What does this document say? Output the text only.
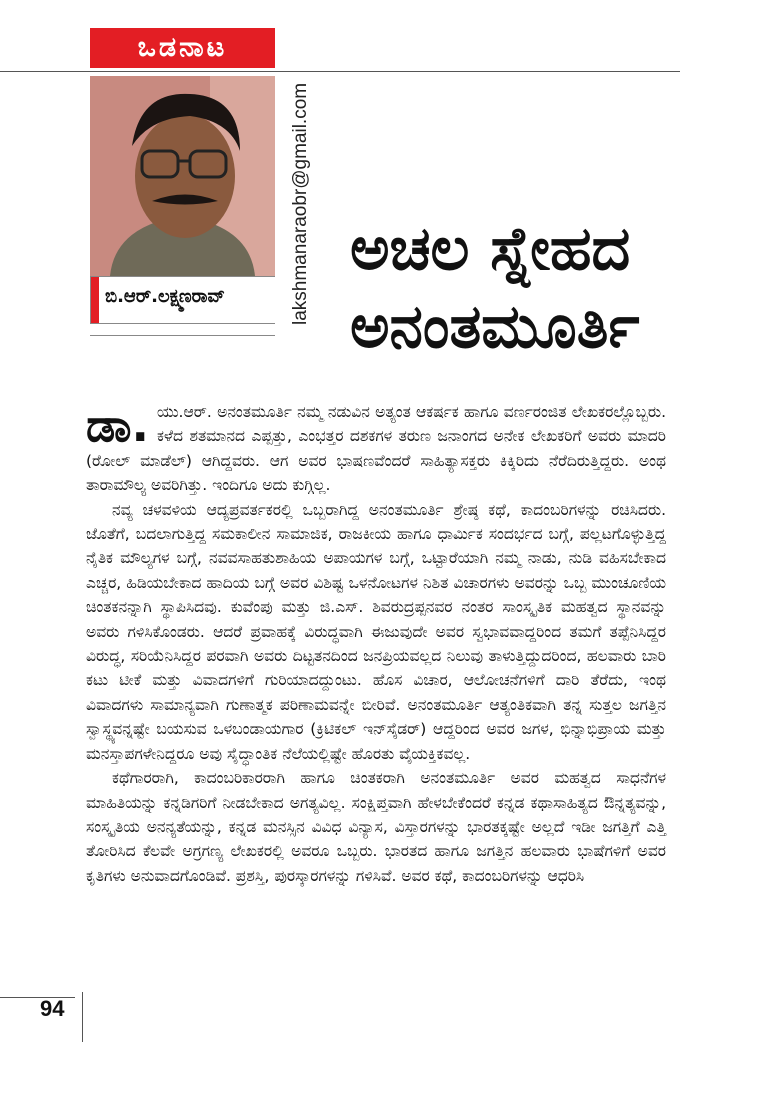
ಒಡನಾಟ
ಬಿ.ಆರ್.ಲಕ್ಷ್ಮಣರಾವ್	lakshmanaraobr@gmail.com ಅಚಲ ಸ್ನೇಹದ
ಅನಂತಮೂರ್ತಿ

ಡಾ. ಯು.ಆರ್. ಅನಂತಮೂರ್ತಿ ನಮ್ಮ ನಡುವಿನ ಅತ್ಯಂತ ಆಕರ್ಷಕ ಹಾಗೂ ವರ್ಣರಂಜಿತ ಲೇಖಕರಲ್ಲೊಬ್ಬರು. ಕಳೆದ ಶತಮಾನದ ಎಪ್ಪತ್ತು, ಎಂಭತ್ತರ ದಶಕಗಳ ತರುಣ ಜನಾಂಗದ ಅನೇಕ ಲೇಖಕರಿಗೆ ಅವರು ಮಾದರಿ (ರೋಲ್ ಮಾಡೆಲ್) ಆಗಿದ್ದವರು. ಆಗ ಅವರ ಭಾಷಣವೆಂದರೆ ಸಾಹಿತ್ಯಾಸಕ್ತರು ಕಿಕ್ಕಿರಿದು ನೆರೆದಿರುತ್ತಿದ್ದರು. ಅಂಥ ತಾರಾಮೌಲ್ಯ ಅವರಿಗಿತ್ತು. ಇಂದಿಗೂ ಅದು ಕುಗ್ಗಿಲ್ಲ.

ನವ್ಯ ಚಳವಳಿಯ ಆದ್ಯಪ್ರವರ್ತಕರಲ್ಲಿ ಒಬ್ಬರಾಗಿದ್ದ ಅನಂತಮೂರ್ತಿ ಶ್ರೇಷ್ಠ ಕಥೆ, ಕಾದಂಬರಿಗಳನ್ನು ರಚಿಸಿದರು. ಜೊತೆಗೆ, ಬದಲಾಗುತ್ತಿದ್ದ ಸಮಕಾಲೀನ ಸಾಮಾಜಿಕ, ರಾಜಕೀಯ ಹಾಗೂ ಧಾರ್ಮಿಕ ಸಂದರ್ಭದ ಬಗ್ಗೆ, ಪಲ್ಲಟಗೊಳ್ಳುತ್ತಿದ್ದ ನೈತಿಕ ಮೌಲ್ಯಗಳ ಬಗ್ಗೆ, ನವವಸಾಹತುಶಾಹಿಯ ಅಪಾಯಗಳ ಬಗ್ಗೆ, ಒಟ್ಟಾರೆಯಾಗಿ ನಮ್ಮ ನಾಡು, ನುಡಿ ವಹಿಸಬೇಕಾದ ಎಚ್ಚರ, ಹಿಡಿಯಬೇಕಾದ ಹಾದಿಯ ಬಗ್ಗೆ ಅವರ ವಿಶಿಷ್ಟ ಒಳನೋಟಗಳ ನಿಶಿತ ವಿಚಾರಗಳು ಅವರನ್ನು ಒಬ್ಬ ಮುಂಚೂಣಿಯ ಚಿಂತಕನನ್ನಾಗಿ ಸ್ಥಾಪಿಸಿದವು. ಕುವೆಂಪು ಮತ್ತು ಜಿ.ಎಸ್. ಶಿವರುದ್ರಪ್ಪನವರ ನಂತರ ಸಾಂಸ್ಕೃತಿಕ ಮಹತ್ವದ ಸ್ಥಾನವನ್ನು ಅವರು ಗಳಿಸಿಕೊಂಡರು. ಆದರೆ ಪ್ರವಾಹಕ್ಕೆ ವಿರುದ್ಧವಾಗಿ ಈಜುವುದೇ ಅವರ ಸ್ವಭಾವವಾದ್ದರಿಂದ ತಮಗೆ ತಪ್ಪೆನಿಸಿದ್ದರ ವಿರುದ್ಧ, ಸರಿಯೆನಿಸಿದ್ದರ ಪರವಾಗಿ ಅವರು ದಿಟ್ಟತನದಿಂದ ಜನಪ್ರಿಯವಲ್ಲದ ನಿಲುವು ತಾಳುತ್ತಿದ್ದುದರಿಂದ, ಹಲವಾರು ಬಾರಿ ಕಟು ಟೀಕೆ ಮತ್ತು ವಿವಾದಗಳಿಗೆ ಗುರಿಯಾದದ್ದುಂಟು. ಹೊಸ ವಿಚಾರ, ಆಲೋಚನೆಗಳಿಗೆ ದಾರಿ ತೆರೆದು, ಇಂಥ ವಿವಾದಗಳು ಸಾಮಾನ್ಯವಾಗಿ ಗುಣಾತ್ಮಕ ಪರಿಣಾಮವನ್ನೇ ಬೀರಿವೆ. ಅನಂತಮೂರ್ತಿ ಆತ್ಯಂತಿಕವಾಗಿ ತನ್ನ ಸುತ್ತಲ ಜಗತ್ತಿನ ಸ್ವಾಸ್ಥ್ಯವನ್ನಷ್ಟೇ ಬಯಸುವ ಒಳಬಂಡಾಯಗಾರ (ಕ್ರಿಟಿಕಲ್ ಇನ್‌ಸೈಡರ್) ಆದ್ದರಿಂದ ಅವರ ಜಗಳ, ಭಿನ್ನಾಭಿಪ್ರಾಯ ಮತ್ತು ಮನಸ್ತಾಪಗಳೇನಿದ್ದರೂ ಅವು ಸೈದ್ಧಾಂತಿಕ ನೆಲೆಯಲ್ಲಿಷ್ಟೇ ಹೊರತು ವೈಯಕ್ತಿಕವಲ್ಲ.

ಕಥೆಗಾರರಾಗಿ, ಕಾದಂಬರಿಕಾರರಾಗಿ ಹಾಗೂ ಚಿಂತಕರಾಗಿ ಅನಂತಮೂರ್ತಿ ಅವರ ಮಹತ್ವದ ಸಾಧನೆಗಳ ಮಾಹಿತಿಯನ್ನು ಕನ್ನಡಿಗರಿಗೆ ನೀಡಬೇಕಾದ ಅಗತ್ಯವಿಲ್ಲ. ಸಂಕ್ಷಿಪ್ತವಾಗಿ ಹೇಳಬೇಕೆಂದರೆ ಕನ್ನಡ ಕಥಾಸಾಹಿತ್ಯದ ಔನ್ನತ್ಯವನ್ನು, ಸಂಸ್ಕೃತಿಯ ಅನನ್ಯತೆಯನ್ನು, ಕನ್ನಡ ಮನಸ್ಸಿನ ವಿವಿಧ ವಿನ್ಯಾಸ, ವಿಸ್ತಾರಗಳನ್ನು ಭಾರತಕ್ಕಷ್ಟೇ ಅಲ್ಲದೆ ಇಡೀ ಜಗತ್ತಿಗೆ ಎತ್ತಿ ತೋರಿಸಿದ ಕೆಲವೇ ಅಗ್ರಗಣ್ಯ ಲೇಖಕರಲ್ಲಿ ಅವರೂ ಒಬ್ಬರು. ಭಾರತದ ಹಾಗೂ ಜಗತ್ತಿನ ಹಲವಾರು ಭಾಷೆಗಳಿಗೆ ಅವರ ಕೃತಿಗಳು ಅನುವಾದಗೊಂಡಿವೆ. ಪ್ರಶಸ್ತಿ, ಪುರಸ್ಕಾರಗಳನ್ನು ಗಳಿಸಿವೆ. ಅವರ ಕಥೆ, ಕಾದಂಬರಿಗಳನ್ನು ಆಧರಿಸಿ

94
